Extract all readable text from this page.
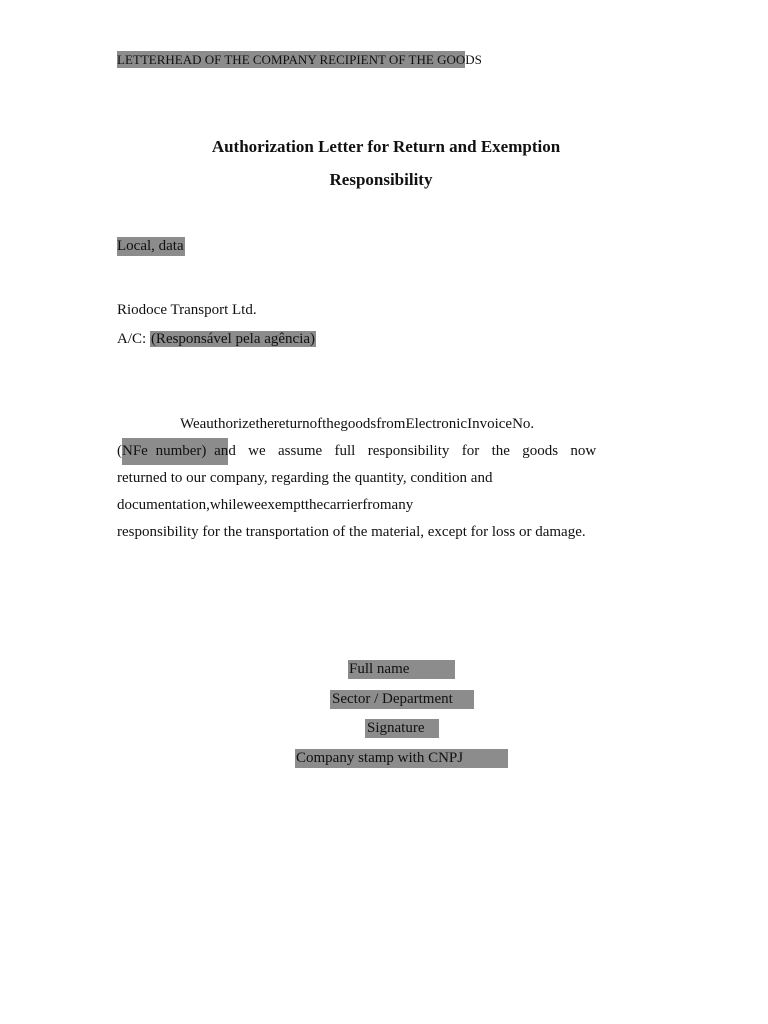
LETTERHEAD OF THE COMPANY RECIPIENT OF THE GOODS
Authorization Letter for Return and Exemption
Responsibility
Local, data
Riodoce Transport Ltd.
A/C: (Responsável pela agência)
WeauthorizethereturnofthegoodsfromElectronicInvoiceNo.
( NFe number) an d we assume full responsibility for the goods now
returned to our company, regarding the quantity, condition and
documentation,whileweexemptthecarrierfromany
responsibility for the transportation of the material, except for loss or damage.
Full name
Sector / Department
Signature
Company stamp with CNPJ
